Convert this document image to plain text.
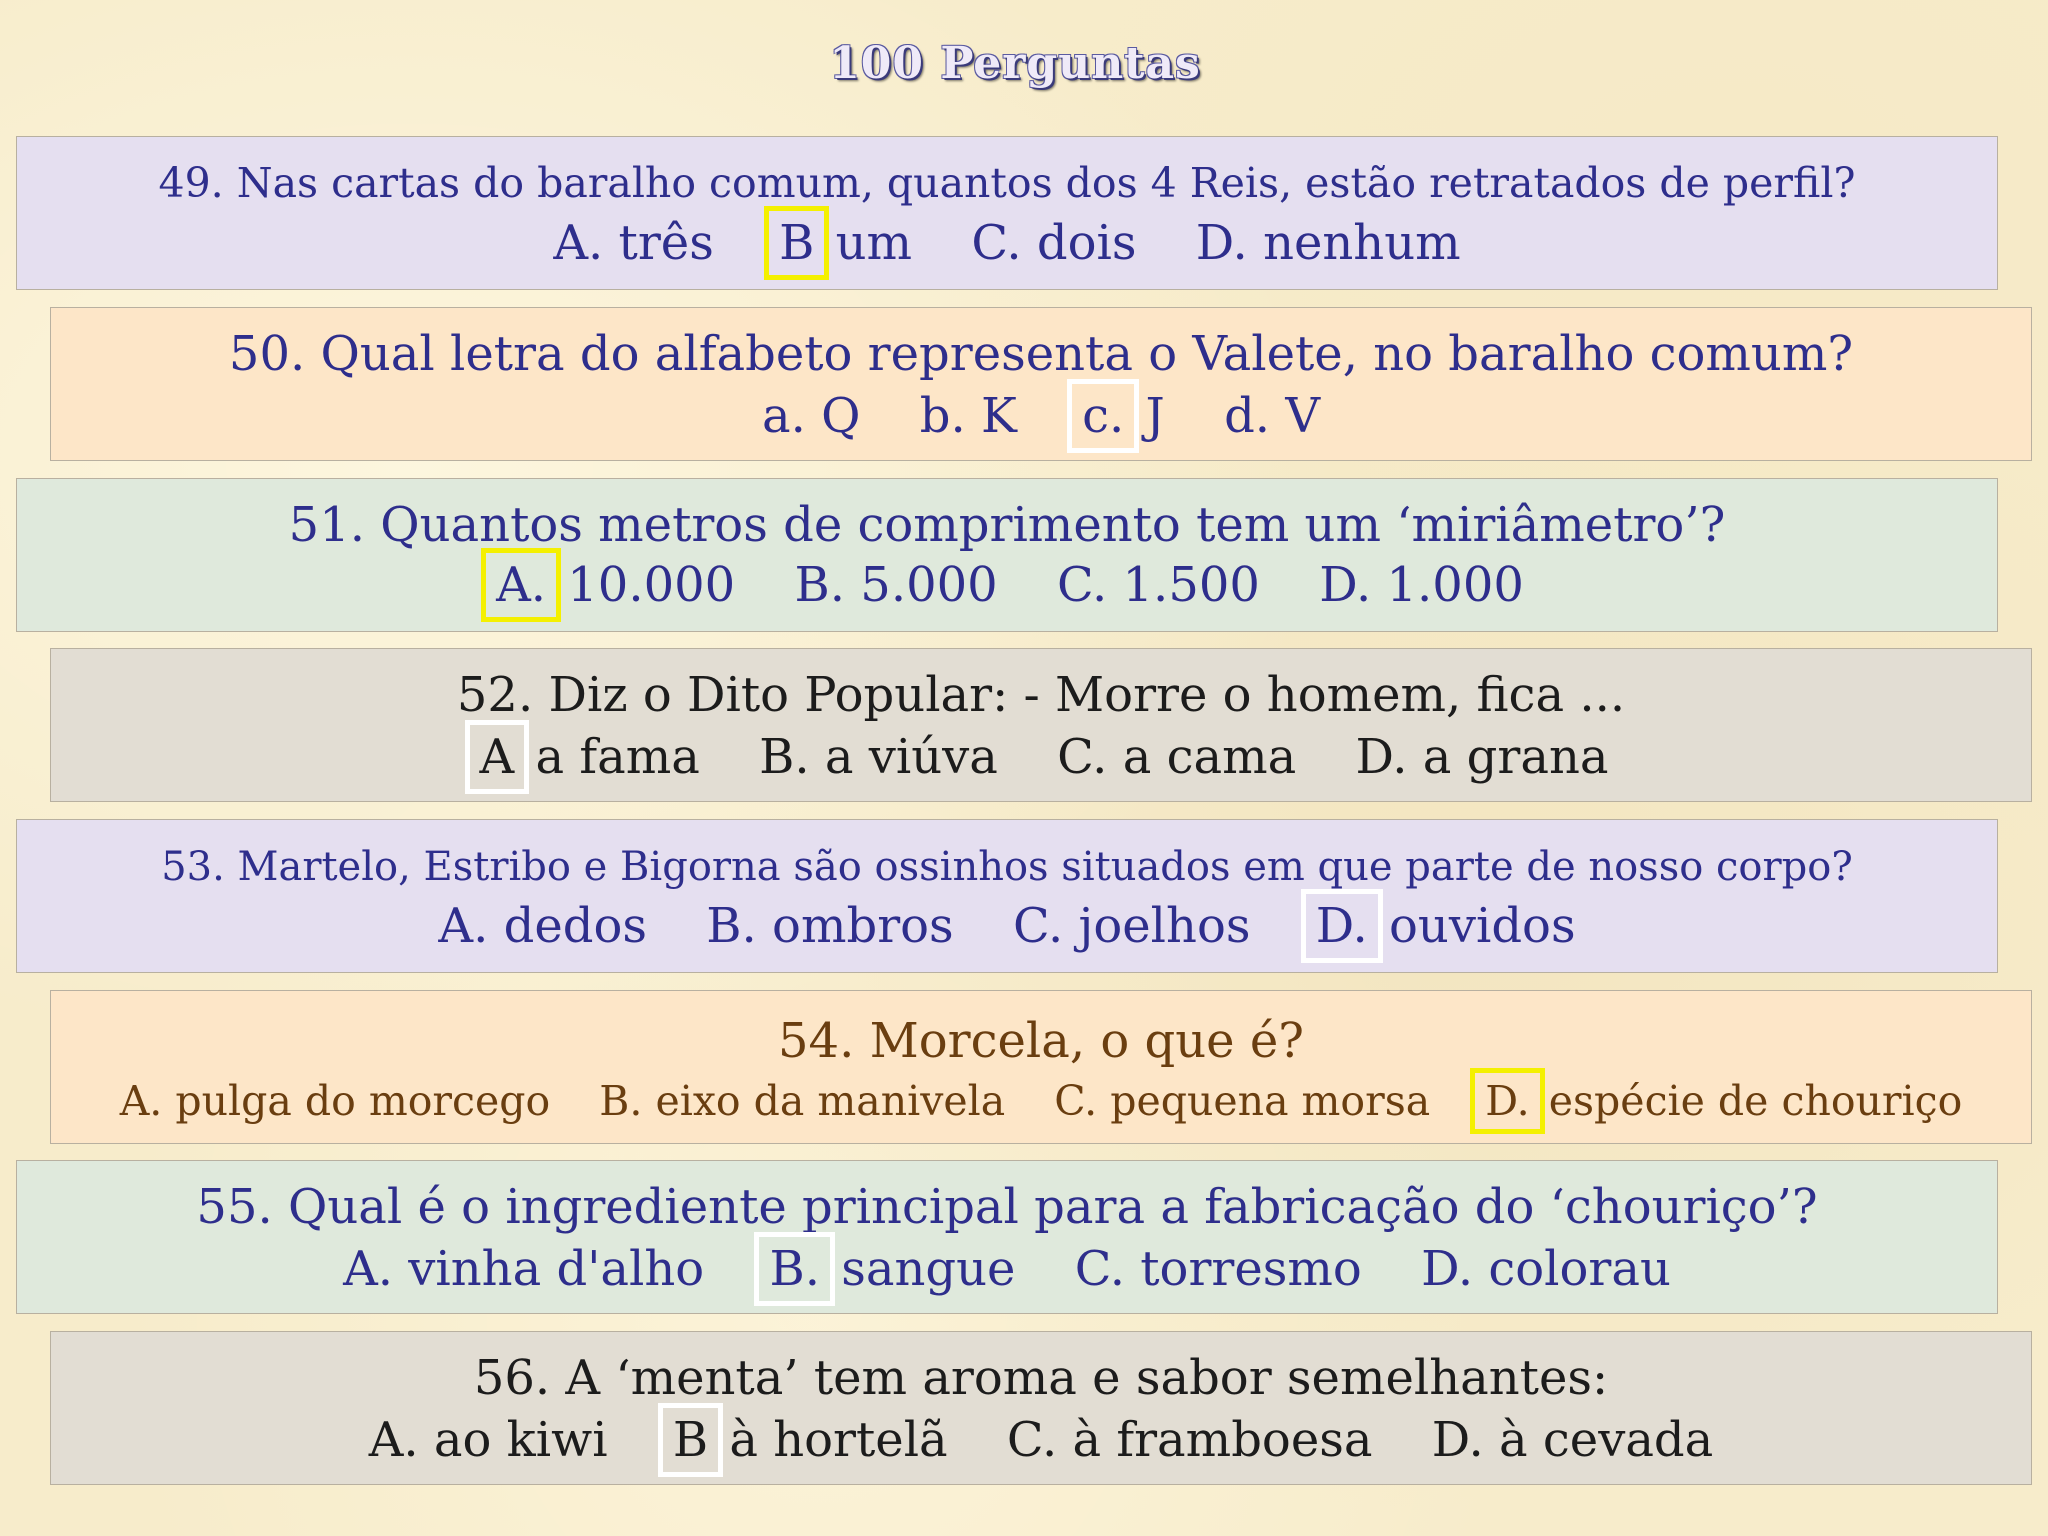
100 Perguntas
49. Nas cartas do baralho comum, quantos dos 4 Reis, estão retratados de perfil?
A. três B um C. dois D. nenhum
50. Qual letra do alfabeto representa o Valete, no baralho comum?
a. Q b. K c. J d. V
51. Quantos metros de comprimento tem um ‘miriâmetro’?
A. 10.000 B. 5.000 C. 1.500 D. 1.000
52. Diz o Dito Popular: - Morre o homem, fica ...
A a fama B. a viúva C. a cama D. a grana
53. Martelo, Estribo e Bigorna são ossinhos situados em que parte de nosso corpo?
A. dedos B. ombros C. joelhos D. ouvidos
54. Morcela, o que é?
A. pulga do morcego B. eixo da manivela C. pequena morsa D. espécie de chouriço
55. Qual é o ingrediente principal para a fabricação do ‘chouriço’?
A. vinha d'alho B. sangue C. torresmo D. colorau
56. A ‘menta’ tem aroma e sabor semelhantes:
A. ao kiwi B à hortelã C. à framboesa D. à cevada
